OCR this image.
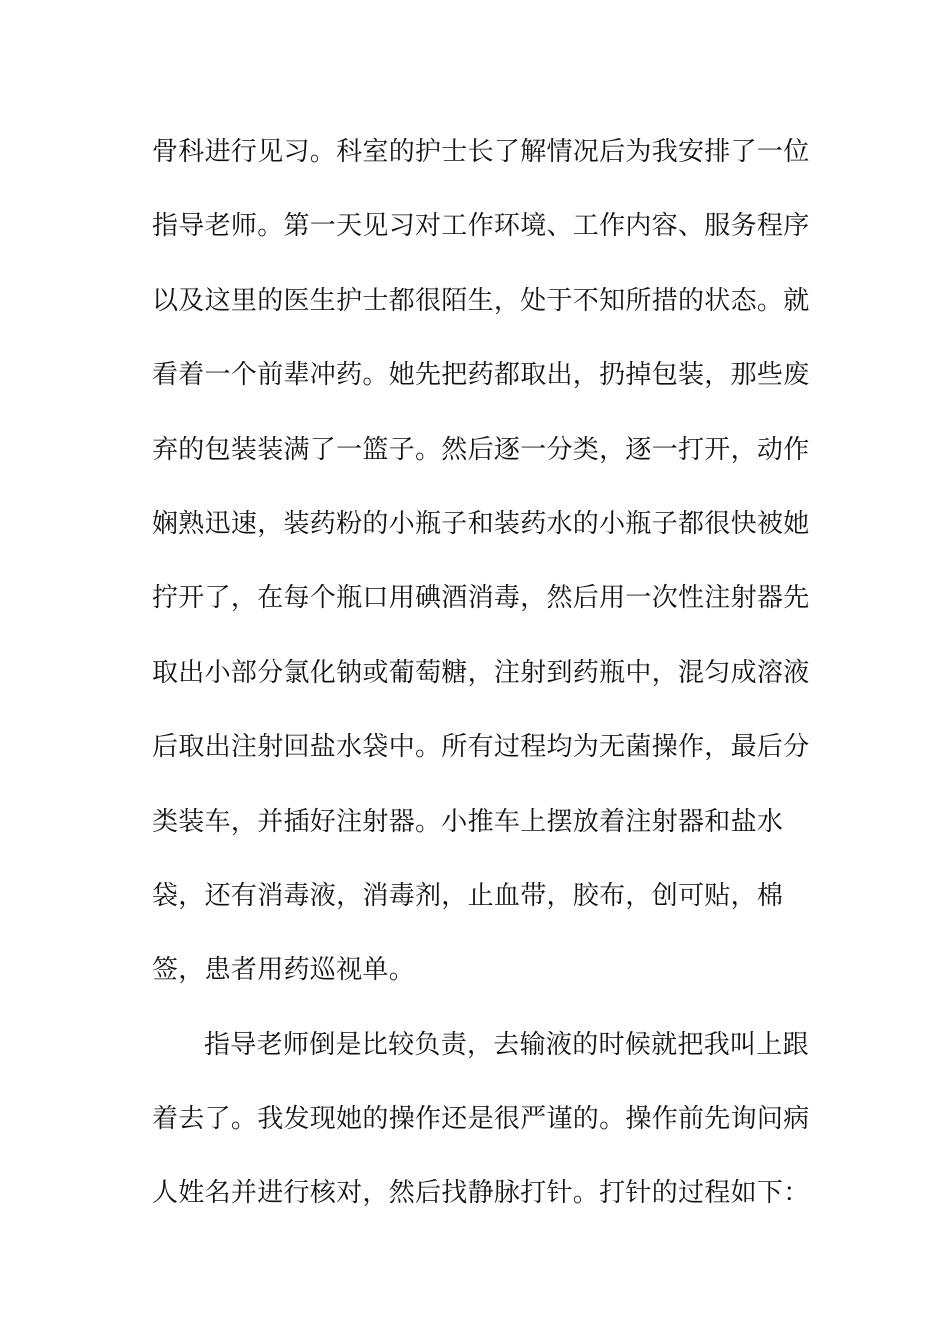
骨科进行见习。科室的护士长了解情况后为我安排了一位
指导老师。第一天见习对工作环境、工作内容、服务程序
以及这里的医生护士都很陌生，处于不知所措的状态。就
看着一个前辈冲药。她先把药都取出，扔掉包装，那些废
弃的包装装满了一篮子。然后逐一分类，逐一打开，动作
娴熟迅速，装药粉的小瓶子和装药水的小瓶子都很快被她
拧开了，在每个瓶口用碘酒消毒，然后用一次性注射器先
取出小部分氯化钠或葡萄糖，注射到药瓶中，混匀成溶液
后取出注射回盐水袋中。所有过程均为无菌操作，最后分
类装车，并插好注射器。小推车上摆放着注射器和盐水
袋，还有消毒液，消毒剂，止血带，胶布，创可贴，棉
签，患者用药巡视单。
指导老师倒是比较负责，去输液的时候就把我叫上跟
着去了。我发现她的操作还是很严谨的。操作前先询问病
人姓名并进行核对，然后找静脉打针。打针的过程如下：
